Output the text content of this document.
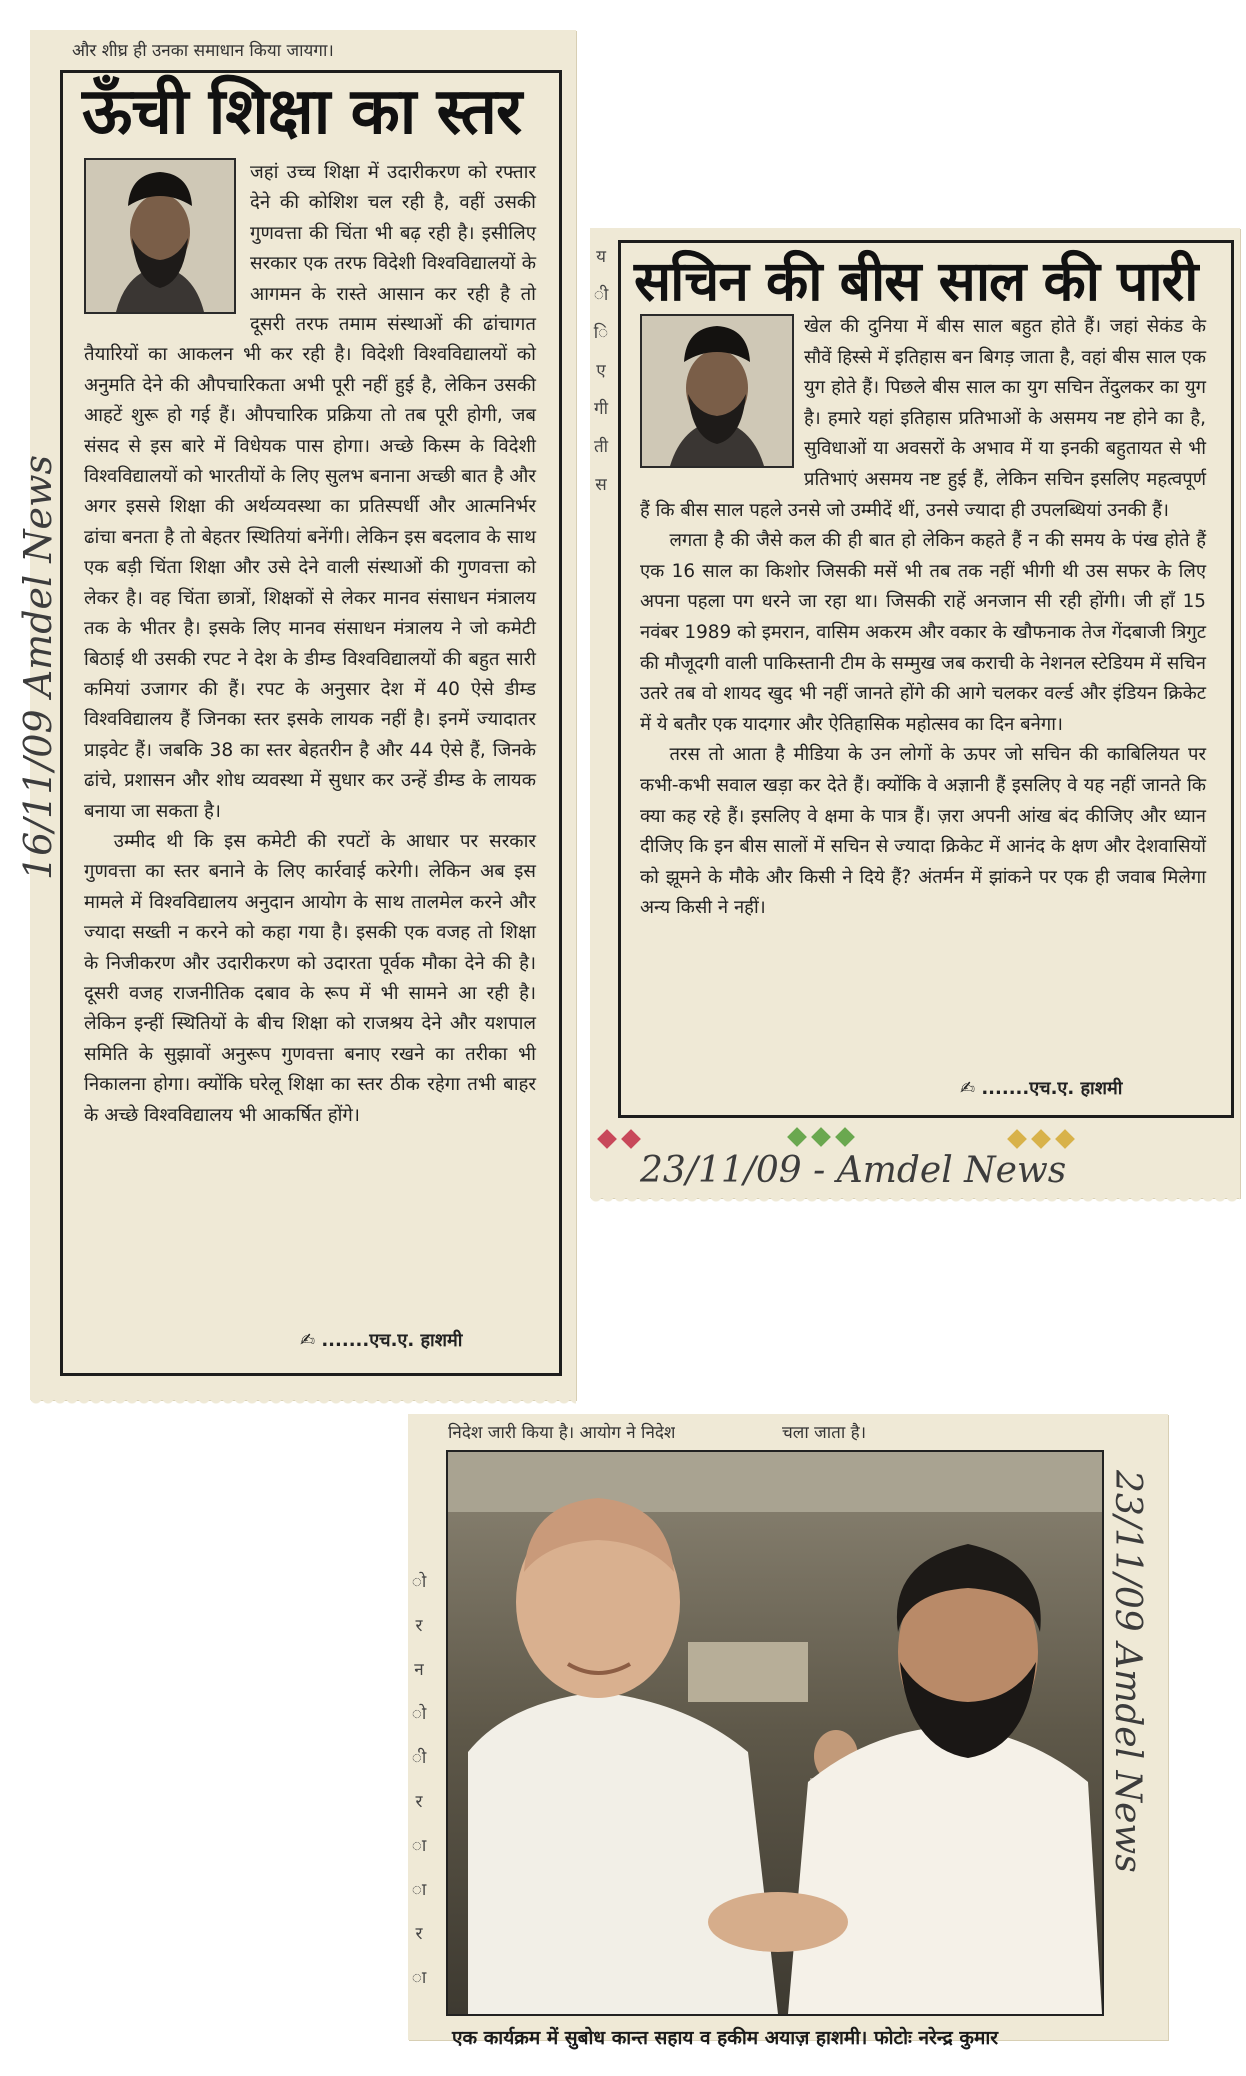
और शीघ्र ही उनका समाधान किया जायगा।
ऊँची शिक्षा का स्तर

जहां उच्च शिक्षा में उदारीकरण को रफ्तार देने की कोशिश चल रही है, वहीं उसकी गुणवत्ता की चिंता भी बढ़ रही है। इसीलिए सरकार एक तरफ विदेशी विश्वविद्यालयों के आगमन के रास्ते आसान कर रही है तो दूसरी तरफ तमाम संस्थाओं की ढांचागत तैयारियों का आकलन भी कर रही है। विदेशी विश्वविद्यालयों को अनुमति देने की औपचारिकता अभी पूरी नहीं हुई है, लेकिन उसकी आहटें शुरू हो गई हैं। औपचारिक प्रक्रिया तो तब पूरी होगी, जब संसद से इस बारे में विधेयक पास होगा। अच्छे किस्म के विदेशी विश्वविद्यालयों को भारतीयों के लिए सुलभ बनाना अच्छी बात है और अगर इससे शिक्षा की अर्थव्यवस्था का प्रतिस्पर्धी और आत्मनिर्भर ढांचा बनता है तो बेहतर स्थितियां बनेंगी। लेकिन इस बदलाव के साथ एक बड़ी चिंता शिक्षा और उसे देने वाली संस्थाओं की गुणवत्ता को लेकर है। वह चिंता छात्रों, शिक्षकों से लेकर मानव संसाधन मंत्रालय तक के भीतर है। इसके लिए मानव संसाधन मंत्रालय ने जो कमेटी बिठाई थी उसकी रपट ने देश के डीम्ड विश्वविद्यालयों की बहुत सारी कमियां उजागर की हैं। रपट के अनुसार देश में 40 ऐसे डीम्ड विश्वविद्यालय हैं जिनका स्तर इसके लायक नहीं है। इनमें ज्यादातर प्राइवेट हैं। जबकि 38 का स्तर बेहतरीन है और 44 ऐसे हैं, जिनके ढांचे, प्रशासन और शोध व्यवस्था में सुधार कर उन्हें डीम्ड के लायक बनाया जा सकता है।

उम्मीद थी कि इस कमेटी की रपटों के आधार पर सरकार गुणवत्ता का स्तर बनाने के लिए कार्रवाई करेगी। लेकिन अब इस मामले में विश्वविद्यालय अनुदान आयोग के साथ तालमेल करने और ज्यादा सख्ती न करने को कहा गया है। इसकी एक वजह तो शिक्षा के निजीकरण और उदारीकरण को उदारता पूर्वक मौका देने की है। दूसरी वजह राजनीतिक दबाव के रूप में भी सामने आ रही है। लेकिन इन्हीं स्थितियों के बीच शिक्षा को राजश्रय देने और यशपाल समिति के सुझावों अनुरूप गुणवत्ता बनाए रखने का तरीका भी निकालना होगा। क्योंकि घरेलू शिक्षा का स्तर ठीक रहेगा तभी बाहर के अच्छे विश्वविद्यालय भी आकर्षित होंगे।

✍ .......एच.ए. हाशमी
16/11/09 Amdel News
य
ी
ि
ए
गी
ती
स
सचिन की बीस साल की पारी

खेल की दुनिया में बीस साल बहुत होते हैं। जहां सेकंड के सौवें हिस्से में इतिहास बन बिगड़ जाता है, वहां बीस साल एक युग होते हैं। पिछले बीस साल का युग सचिन तेंदुलकर का युग है। हमारे यहां इतिहास प्रतिभाओं के असमय नष्ट होने का है, सुविधाओं या अवसरों के अभाव में या इनकी बहुतायत से भी प्रतिभाएं असमय नष्ट हुई हैं, लेकिन सचिन इसलिए महत्वपूर्ण हैं कि बीस साल पहले उनसे जो उम्मीदें थीं, उनसे ज्यादा ही उपलब्धियां उनकी हैं।

लगता है की जैसे कल की ही बात हो लेकिन कहते हैं न की समय के पंख होते हैं एक 16 साल का किशोर जिसकी मसें भी तब तक नहीं भीगी थी उस सफर के लिए अपना पहला पग धरने जा रहा था। जिसकी राहें अनजान सी रही होंगी। जी हाँ 15 नवंबर 1989 को इमरान, वासिम अकरम और वकार के खौफनाक तेज गेंदबाजी त्रिगुट की मौजूदगी वाली पाकिस्तानी टीम के सम्मुख जब कराची के नेशनल स्टेडियम में सचिन उतरे तब वो शायद खुद भी नहीं जानते होंगे की आगे चलकर वर्ल्ड और इंडियन क्रिकेट में ये बतौर एक यादगार और ऐतिहासिक महोत्सव का दिन बनेगा।

तरस तो आता है मीडिया के उन लोगों के ऊपर जो सचिन की काबिलियत पर कभी-कभी सवाल खड़ा कर देते हैं। क्योंकि वे अज्ञानी हैं इसलिए वे यह नहीं जानते कि क्या कह रहे हैं। इसलिए वे क्षमा के पात्र हैं। ज़रा अपनी आंख बंद कीजिए और ध्यान दीजिए कि इन बीस सालों में सचिन से ज्यादा क्रिकेट में आनंद के क्षण और देशवासियों को झूमने के मौके और किसी ने दिये हैं? अंतर्मन में झांकने पर एक ही जवाब मिलेगा अन्य किसी ने नहीं।

✍ .......एच.ए. हाशमी
23/11/09 - Amdel News
निदेश जारी किया है। आयोग ने निदेश	चला जाता है।
ो
र
न
ो
ी
र
ा
ा
र
ा
एक कार्यक्रम में सुबोध कान्त सहाय व हकीम अयाज़ हाशमी। फोटोः नरेन्द्र कुमार
23/11/09 Amdel News
